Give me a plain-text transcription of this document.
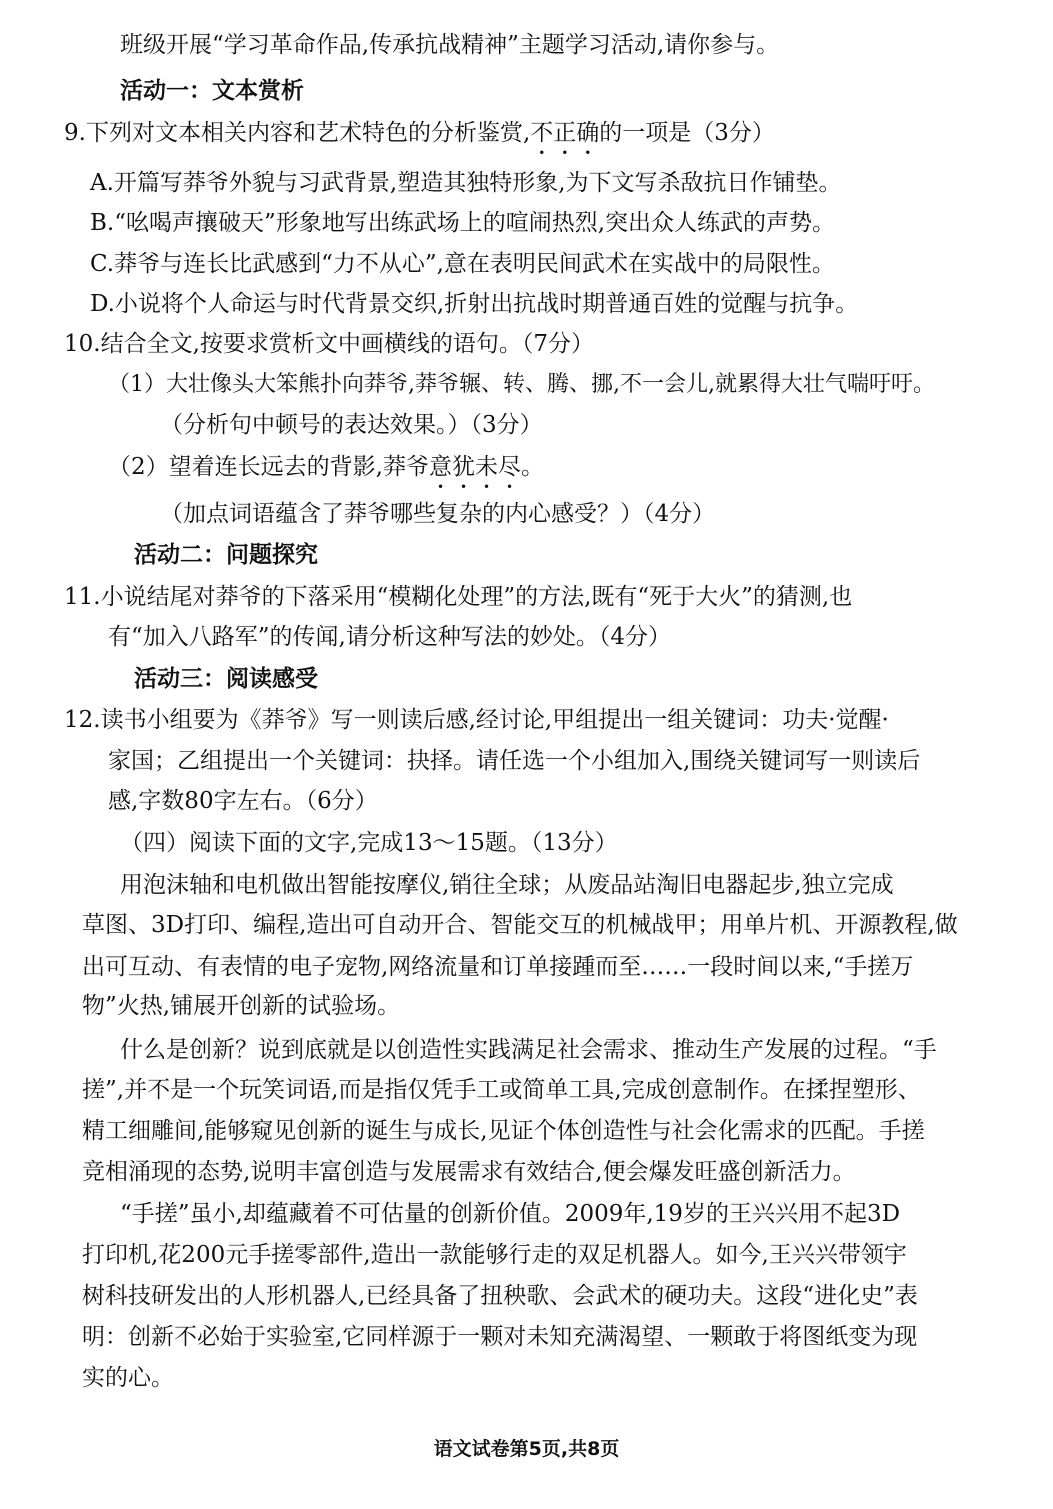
班级开展“学习革命作品,传承抗战精神”主题学习活动,请你参与。
活动一：文本赏析
9.下列对文本相关内容和艺术特色的分析鉴赏,不正确的一项是（3分）
A.开篇写莽爷外貌与习武背景,塑造其独特形象,为下文写杀敌抗日作铺垫。
B.“吆喝声攘破天”形象地写出练武场上的喧闹热烈,突出众人练武的声势。
C.莽爷与连长比武感到“力不从心”,意在表明民间武术在实战中的局限性。
D.小说将个人命运与时代背景交织,折射出抗战时期普通百姓的觉醒与抗争。
10.结合全文,按要求赏析文中画横线的语句。（7分）
（1）大壮像头大笨熊扑向莽爷,莽爷辗、转、腾、挪,不一会儿,就累得大壮气喘吁吁。
（分析句中顿号的表达效果。）（3分）
（2）望着连长远去的背影,莽爷意犹未尽。
（加点词语蕴含了莽爷哪些复杂的内心感受？）（4分）
活动二：问题探究
11.小说结尾对莽爷的下落采用“模糊化处理”的方法,既有“死于大火”的猜测,也
有“加入八路军”的传闻,请分析这种写法的妙处。（4分）
活动三：阅读感受
12.读书小组要为《莽爷》写一则读后感,经讨论,甲组提出一组关键词：功夫·觉醒·
家国；乙组提出一个关键词：抉择。请任选一个小组加入,围绕关键词写一则读后
感,字数80字左右。（6分）
（四）阅读下面的文字,完成13～15题。（13分）
用泡沫轴和电机做出智能按摩仪,销往全球；从废品站淘旧电器起步,独立完成
草图、3D打印、编程,造出可自动开合、智能交互的机械战甲；用单片机、开源教程,做
出可互动、有表情的电子宠物,网络流量和订单接踵而至……一段时间以来,“手搓万
物”火热,铺展开创新的试验场。
什么是创新？说到底就是以创造性实践满足社会需求、推动生产发展的过程。“手
搓”,并不是一个玩笑词语,而是指仅凭手工或简单工具,完成创意制作。在揉捏塑形、
精工细雕间,能够窥见创新的诞生与成长,见证个体创造性与社会化需求的匹配。手搓
竞相涌现的态势,说明丰富创造与发展需求有效结合,便会爆发旺盛创新活力。
“手搓”虽小,却蕴藏着不可估量的创新价值。2009年,19岁的王兴兴用不起3D
打印机,花200元手搓零部件,造出一款能够行走的双足机器人。如今,王兴兴带领宇
树科技研发出的人形机器人,已经具备了扭秧歌、会武术的硬功夫。这段“进化史”表
明：创新不必始于实验室,它同样源于一颗对未知充满渴望、一颗敢于将图纸变为现
实的心。
语文试卷第5页,共8页
